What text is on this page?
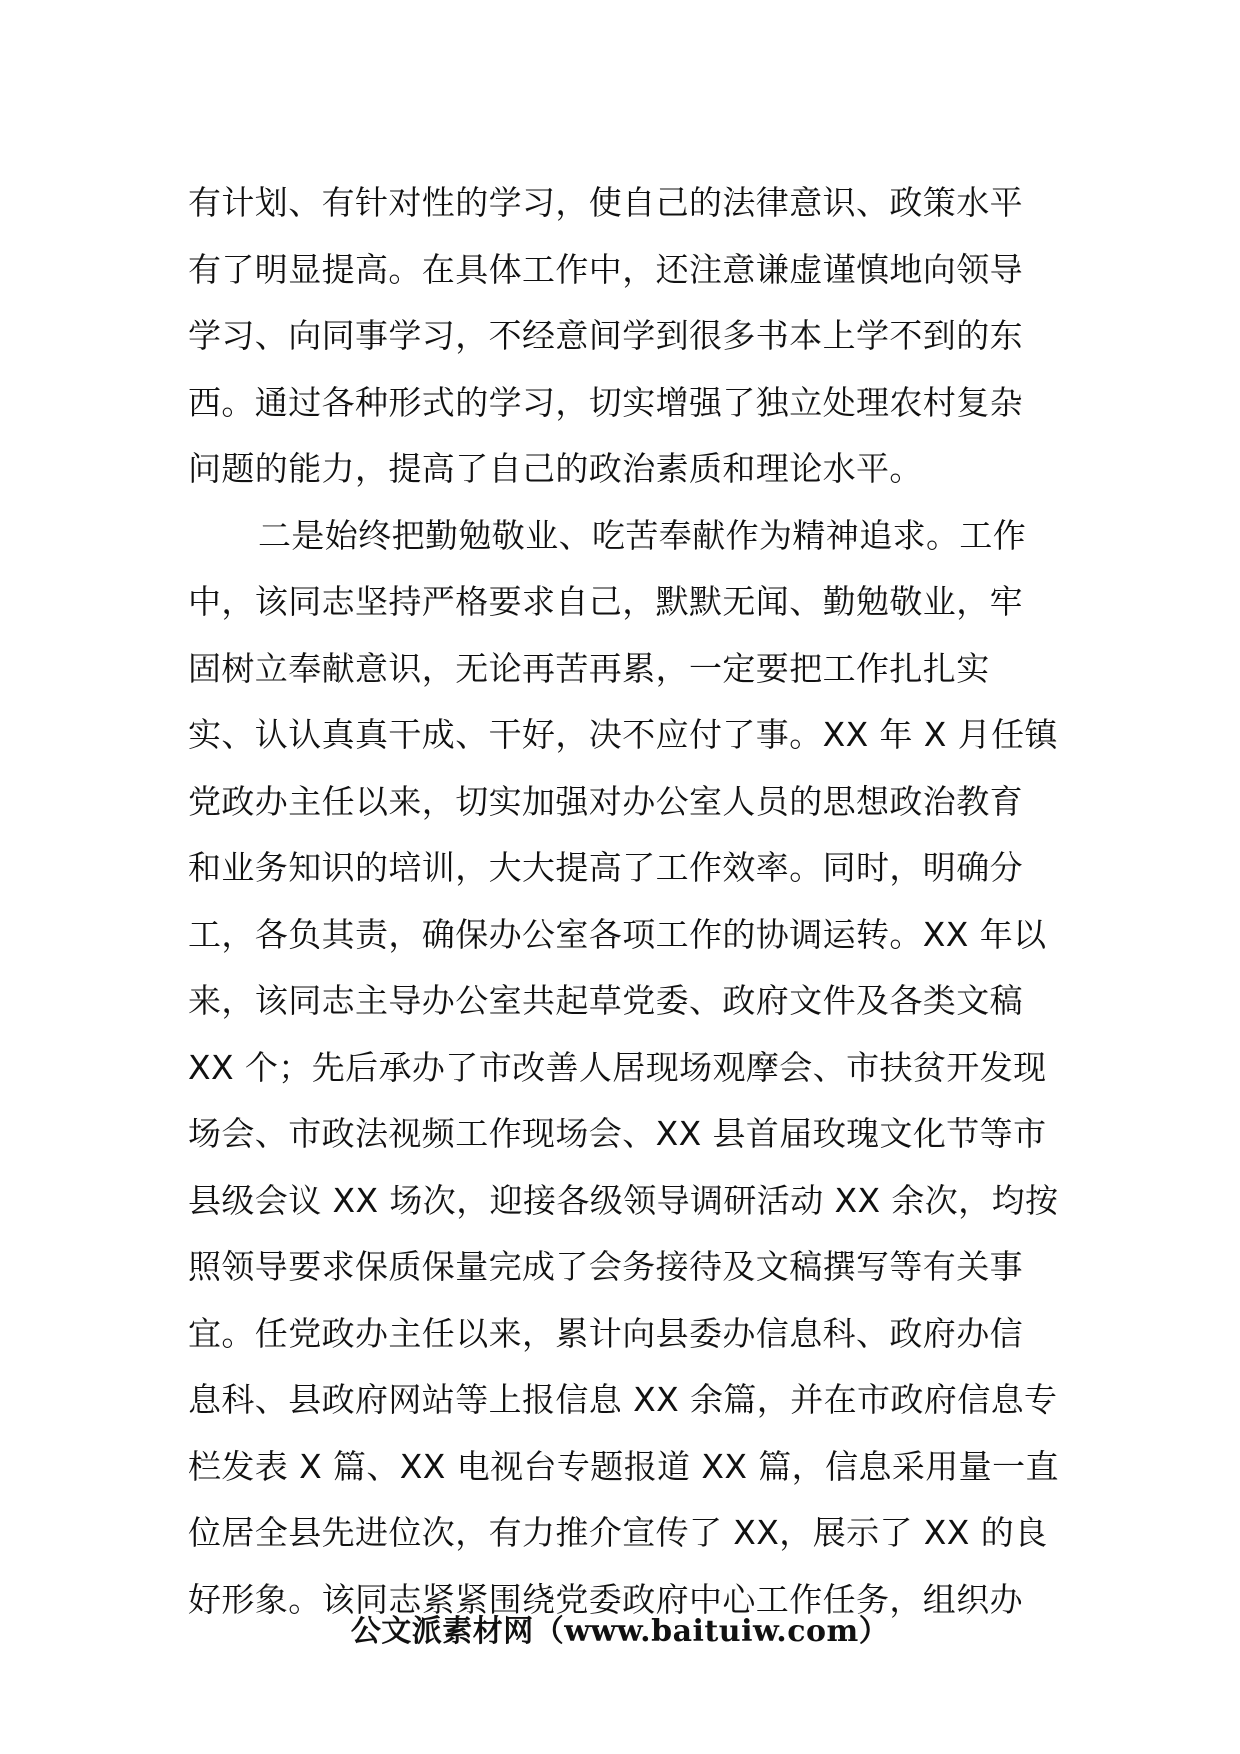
有计划、有针对性的学习，使自己的法律意识、政策水平
有了明显提高。在具体工作中，还注意谦虚谨慎地向领导
学习、向同事学习，不经意间学到很多书本上学不到的东
西。通过各种形式的学习，切实增强了独立处理农村复杂
问题的能力，提高了自己的政治素质和理论水平。
二是始终把勤勉敬业、吃苦奉献作为精神追求。工作
中，该同志坚持严格要求自己，默默无闻、勤勉敬业，牢
固树立奉献意识，无论再苦再累，一定要把工作扎扎实
实、认认真真干成、干好，决不应付了事。XX 年 X 月任镇
党政办主任以来，切实加强对办公室人员的思想政治教育
和业务知识的培训，大大提高了工作效率。同时，明确分
工，各负其责，确保办公室各项工作的协调运转。XX 年以
来，该同志主导办公室共起草党委、政府文件及各类文稿
XX 个；先后承办了市改善人居现场观摩会、市扶贫开发现
场会、市政法视频工作现场会、XX 县首届玫瑰文化节等市
县级会议 XX 场次，迎接各级领导调研活动 XX 余次，均按
照领导要求保质保量完成了会务接待及文稿撰写等有关事
宜。任党政办主任以来，累计向县委办信息科、政府办信
息科、县政府网站等上报信息 XX 余篇，并在市政府信息专
栏发表 X 篇、XX 电视台专题报道 XX 篇，信息采用量一直
位居全县先进位次，有力推介宣传了 XX，展示了 XX 的良
好形象。该同志紧紧围绕党委政府中心工作任务，组织办
公文派素材网（www.baituiw.com）
